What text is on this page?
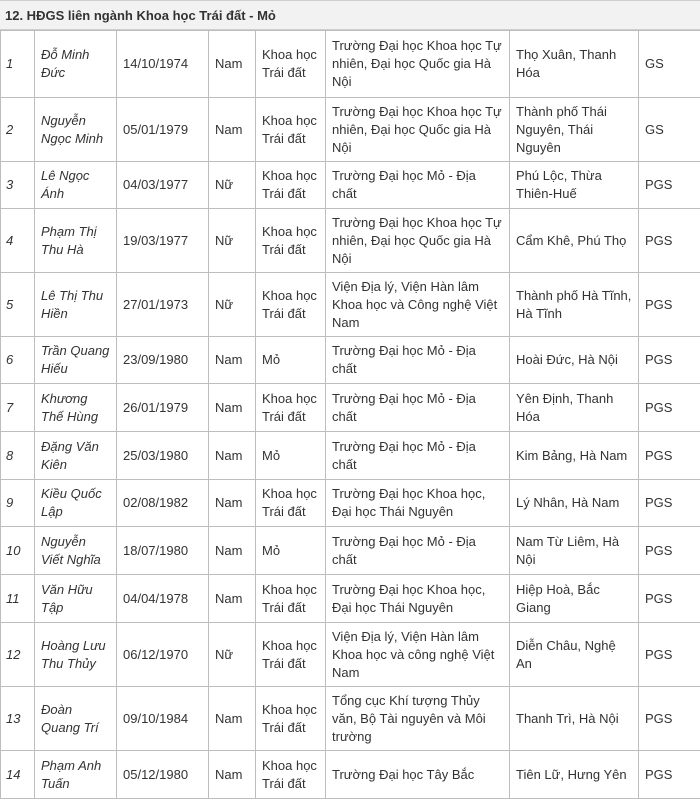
12. HĐGS liên ngành Khoa học Trái đất - Mỏ
1	Đỗ Minh Đức	14/10/1974	Nam	Khoa học Trái đất	Trường Đại học Khoa học Tự nhiên, Đại học Quốc gia Hà Nội	Thọ Xuân, Thanh Hóa	GS
2	Nguyễn Ngọc Minh	05/01/1979	Nam	Khoa học Trái đất	Trường Đại học Khoa học Tự nhiên, Đại học Quốc gia Hà Nội	Thành phố Thái Nguyên, Thái Nguyên	GS
3	Lê Ngọc Ánh	04/03/1977	Nữ	Khoa học Trái đất	Trường Đại học Mỏ - Địa chất	Phú Lộc, Thừa Thiên-Huế	PGS
4	Phạm Thị Thu Hà	19/03/1977	Nữ	Khoa học Trái đất	Trường Đại học Khoa học Tự nhiên, Đại học Quốc gia Hà Nội	Cẩm Khê, Phú Thọ	PGS
5	Lê Thị Thu Hiền	27/01/1973	Nữ	Khoa học Trái đất	Viện Địa lý, Viện Hàn lâm Khoa học và Công nghệ Việt Nam	Thành phố Hà Tĩnh, Hà Tĩnh	PGS
6	Trần Quang Hiếu	23/09/1980	Nam	Mỏ	Trường Đại học Mỏ - Địa chất	Hoài Đức, Hà Nội	PGS
7	Khương Thế Hùng	26/01/1979	Nam	Khoa học Trái đất	Trường Đại học Mỏ - Địa chất	Yên Định, Thanh Hóa	PGS
8	Đặng Văn Kiên	25/03/1980	Nam	Mỏ	Trường Đại học Mỏ - Địa chất	Kim Bảng, Hà Nam	PGS
9	Kiều Quốc Lập	02/08/1982	Nam	Khoa học Trái đất	Trường Đại học Khoa học, Đại học Thái Nguyên	Lý Nhân, Hà Nam	PGS
10	Nguyễn Viết Nghĩa	18/07/1980	Nam	Mỏ	Trường Đại học Mỏ - Địa chất	Nam Từ Liêm, Hà Nội	PGS
11	Văn Hữu Tập	04/04/1978	Nam	Khoa học Trái đất	Trường Đại học Khoa học, Đại học Thái Nguyên	Hiệp Hoà, Bắc Giang	PGS
12	Hoàng Lưu Thu Thủy	06/12/1970	Nữ	Khoa học Trái đất	Viện Địa lý, Viện Hàn lâm Khoa học và công nghệ Việt Nam	Diễn Châu, Nghệ An	PGS
13	Đoàn Quang Trí	09/10/1984	Nam	Khoa học Trái đất	Tổng cục Khí tượng Thủy văn, Bộ Tài nguyên và Môi trường	Thanh Trì, Hà Nội	PGS
14	Phạm Anh Tuấn	05/12/1980	Nam	Khoa học Trái đất	Trường Đại học Tây Bắc	Tiên Lữ, Hưng Yên	PGS
